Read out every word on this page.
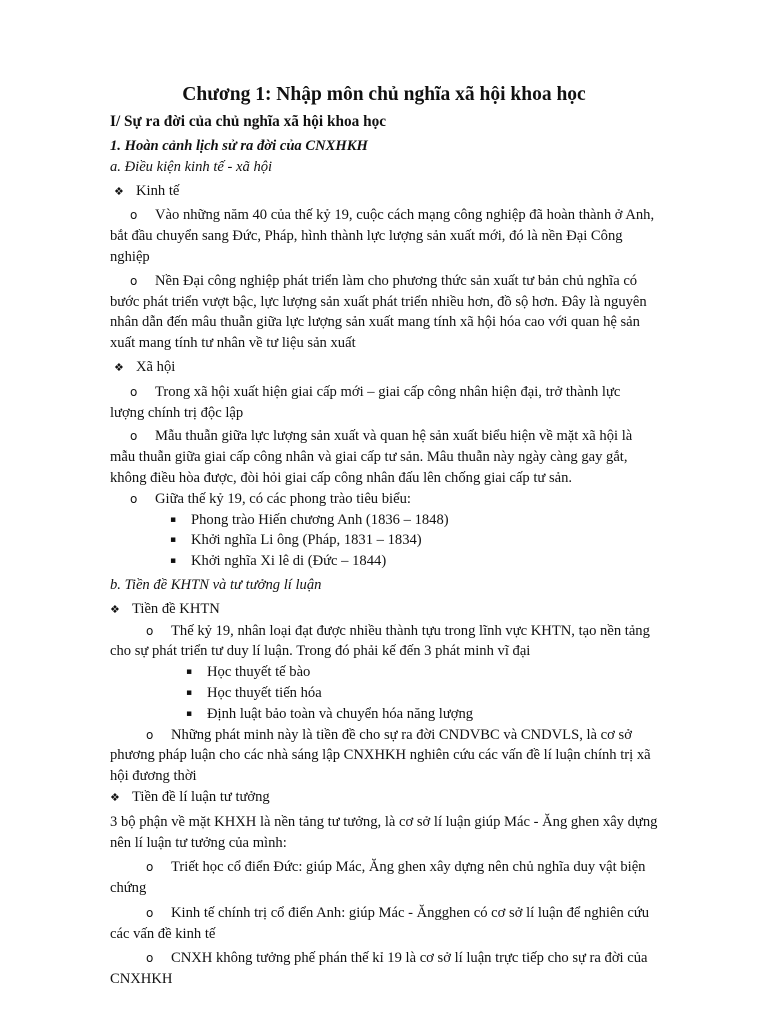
Chương 1: Nhập môn chủ nghĩa xã hội khoa học
I/ Sự ra đời của chủ nghĩa xã hội khoa học

1. Hoàn cảnh lịch sử ra đời của CNXHKH

a. Điều kiện kinh tế - xã hội

❖ Kinh tế

o Vào những năm 40 của thế kỷ 19, cuộc cách mạng công nghiệp đã hoàn thành ở Anh, bắt đầu chuyển sang Đức, Pháp, hình thành lực lượng sản xuất mới, đó là nền Đại Công nghiệp

o Nền Đại công nghiệp phát triển làm cho phương thức sản xuất tư bản chủ nghĩa có bước phát triển vượt bậc, lực lượng sản xuất phát triển nhiều hơn, đồ sộ hơn. Đây là nguyên nhân dẫn đến mâu thuẫn giữa lực lượng sản xuất mang tính xã hội hóa cao với quan hệ sản xuất mang tính tư nhân về tư liệu sản xuất

❖ Xã hội

o Trong xã hội xuất hiện giai cấp mới – giai cấp công nhân hiện đại, trở thành lực lượng chính trị độc lập

o Mẫu thuẫn giữa lực lượng sản xuất và quan hệ sản xuất biểu hiện về mặt xã hội là mẫu thuẫn giữa giai cấp công nhân và giai cấp tư sản. Mâu thuẫn này ngày càng gay gắt, không điều hòa được, đòi hỏi giai cấp công nhân đấu lên chống giai cấp tư sản.

o Giữa thế kỷ 19, có các phong trào tiêu biểu:

▪ Phong trào Hiến chương Anh (1836 – 1848)

▪ Khởi nghĩa Li ông (Pháp, 1831 – 1834)

▪ Khởi nghĩa Xi lê di (Đức – 1844)

b. Tiền đề KHTN và tư tưởng lí luận

❖ Tiền đề KHTN

o Thế kỷ 19, nhân loại đạt được nhiều thành tựu trong lĩnh vực KHTN, tạo nền tảng cho sự phát triển tư duy lí luận. Trong đó phải kế đến 3 phát minh vĩ đại

▪ Học thuyết tế bào

▪ Học thuyết tiến hóa

▪ Định luật bảo toàn và chuyển hóa năng lượng

o Những phát minh này là tiền đề cho sự ra đời CNDVBC và CNDVLS, là cơ sở phương pháp luận cho các nhà sáng lập CNXHKH nghiên cứu các vấn đề lí luận chính trị xã hội đương thời

❖ Tiền đề lí luận tư tưởng

3 bộ phận về mặt KHXH là nền tảng tư tưởng, là cơ sở lí luận giúp Mác - Ăng ghen xây dựng nên lí luận tư tưởng của mình:

o Triết học cổ điển Đức: giúp Mác, Ăng ghen xây dựng nên chủ nghĩa duy vật biện chứng

o Kinh tế chính trị cổ điển Anh: giúp Mác - Ăngghen có cơ sở lí luận để nghiên cứu các vấn đề kinh tế

o CNXH không tưởng phế phán thế kỉ 19 là cơ sở lí luận trực tiếp cho sự ra đời của CNXHKH
